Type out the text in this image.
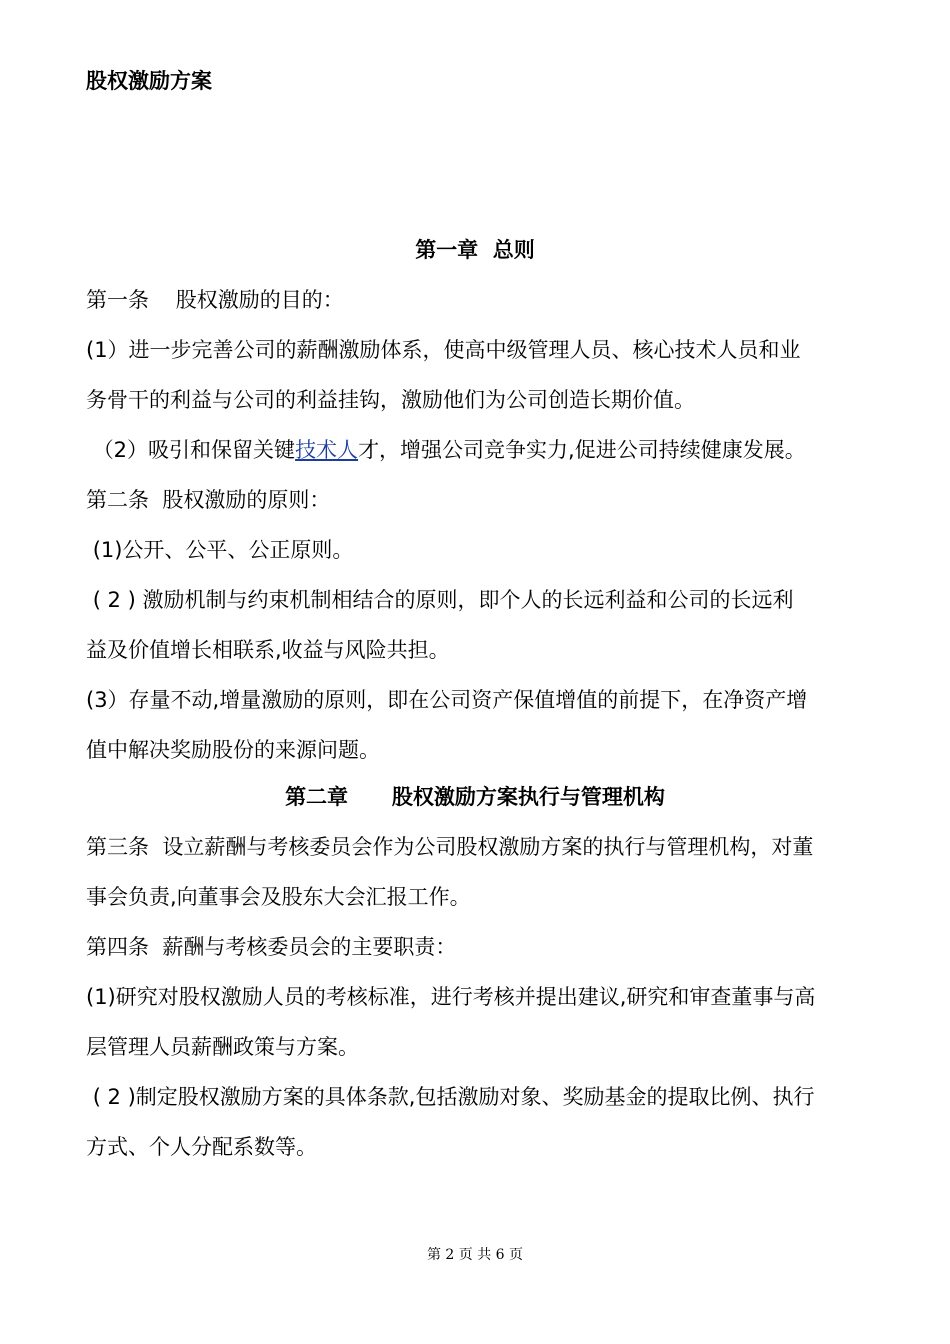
股权激励方案
第一章  总则
第一条    股权激励的目的：
(1）进一步完善公司的薪酬激励体系，使高中级管理人员、核心技术人员和业
务骨干的利益与公司的利益挂钩，激励他们为公司创造长期价值。
（2）吸引和保留关键技术人才，增强公司竞争实力,促进公司持续健康发展。
第二条  股权激励的原则：
(1)公开、公平、公正原则。
( 2 ) 激励机制与约束机制相结合的原则，即个人的长远利益和公司的长远利
益及价值增长相联系,收益与风险共担。
(3）存量不动,增量激励的原则，即在公司资产保值增值的前提下，在净资产增
值中解决奖励股份的来源问题。
第二章      股权激励方案执行与管理机构
第三条  设立薪酬与考核委员会作为公司股权激励方案的执行与管理机构，对董
事会负责,向董事会及股东大会汇报工作。
第四条  薪酬与考核委员会的主要职责：
(1)研究对股权激励人员的考核标准，进行考核并提出建议,研究和审查董事与高
层管理人员薪酬政策与方案。
( 2 )制定股权激励方案的具体条款,包括激励对象、奖励基金的提取比例、执行
方式、个人分配系数等。
第 2 页 共 6 页
